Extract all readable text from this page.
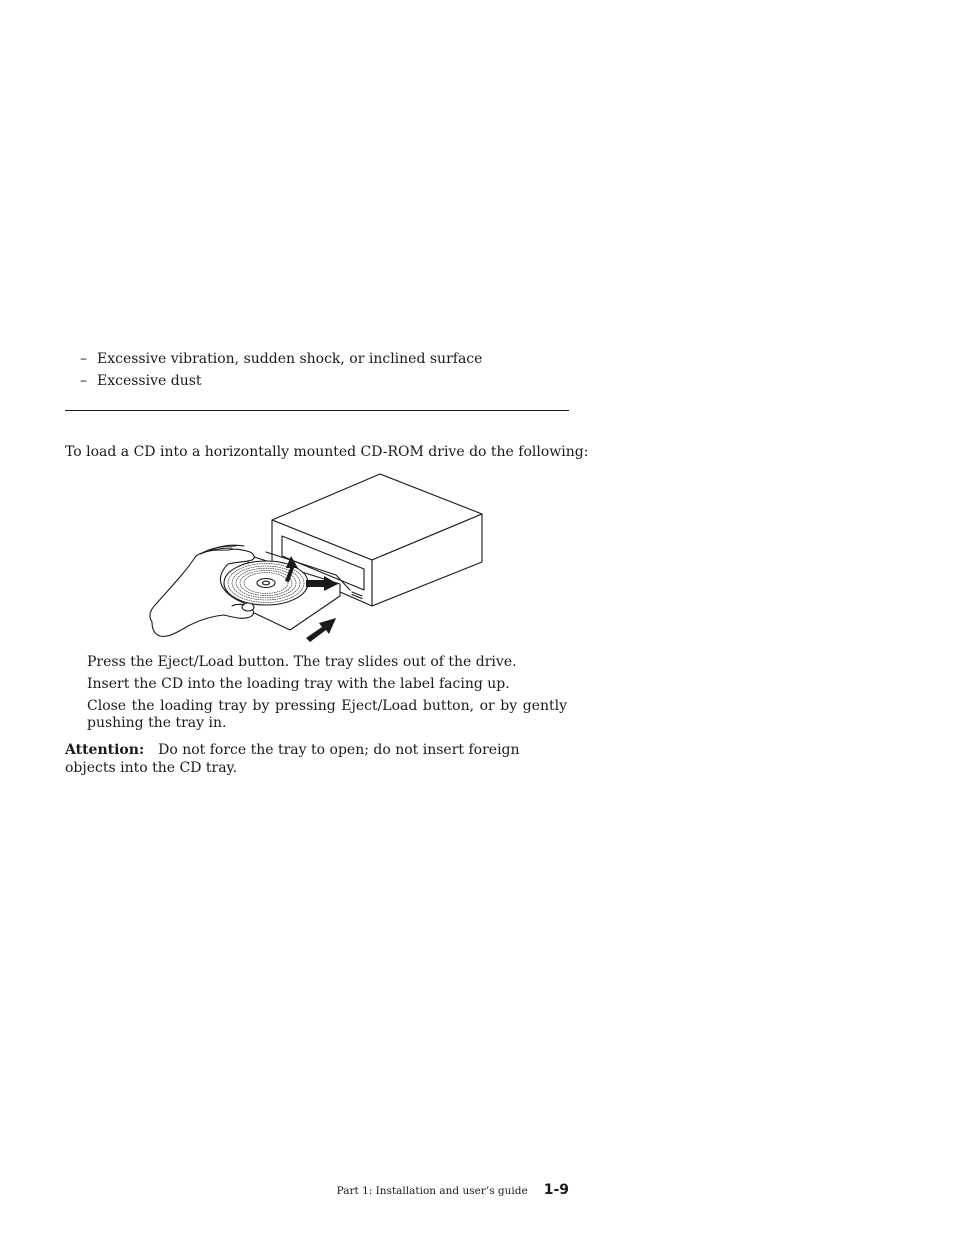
– Excessive vibration, sudden shock, or inclined surface
– Excessive dust
To load a CD into a horizontally mounted CD-ROM drive do the following:
Press the Eject/Load button. The tray slides out of the drive.
Insert the CD into the loading tray with the label facing up.
Close the loading tray by pressing Eject/Load button, or by gently pushing the tray in.
Attention: Do not force the tray to open; do not insert foreign objects into the CD tray.
Part 1: Installation and user’s guide 1-9
